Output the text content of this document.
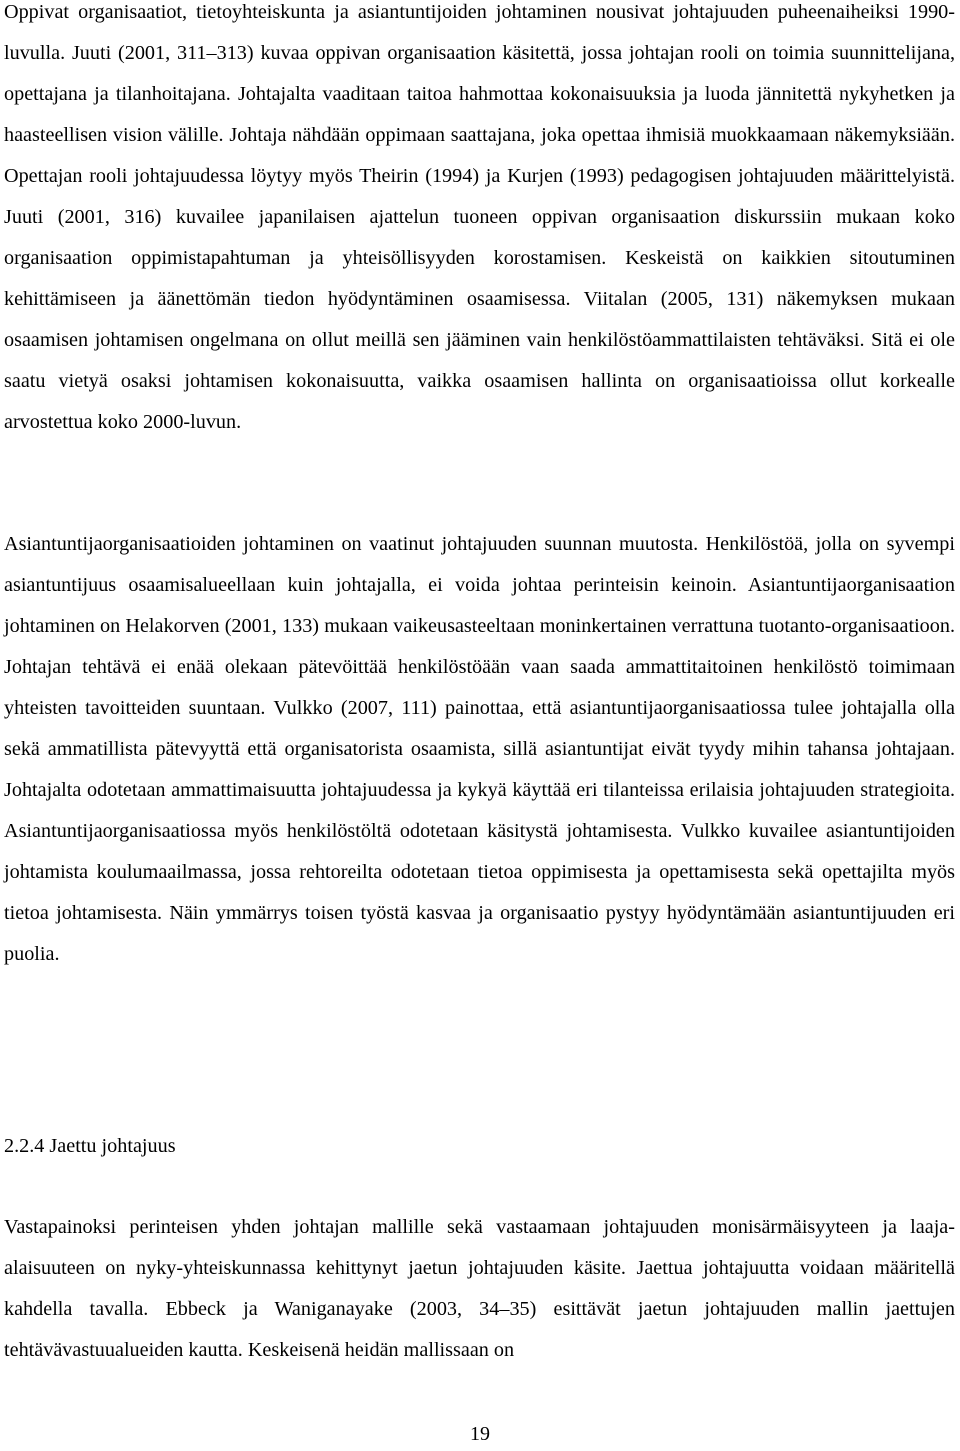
Oppivat organisaatiot, tietoyhteiskunta ja asiantuntijoiden johtaminen nousivat johtajuuden puheenaiheiksi 1990-luvulla. Juuti (2001, 311–313) kuvaa oppivan organisaation käsitettä, jossa johtajan rooli on toimia suunnittelijana, opettajana ja tilanhoitajana. Johtajalta vaaditaan taitoa hahmottaa kokonaisuuksia ja luoda jännitettä nykyhetken ja haasteellisen vision välille. Johtaja nähdään oppimaan saattajana, joka opettaa ihmisiä muokkaamaan näkemyksiään. Opettajan rooli johtajuudessa löytyy myös Theirin (1994) ja Kurjen (1993) pedagogisen johtajuuden määrittelyistä. Juuti (2001, 316) kuvailee japanilaisen ajattelun tuoneen oppivan organisaation diskurssiin mukaan koko organisaation oppimistapahtuman ja yhteisöllisyyden korostamisen. Keskeistä on kaikkien sitoutuminen kehittämiseen ja äänettömän tiedon hyödyntäminen osaamisessa. Viitalan (2005, 131) näkemyksen mukaan osaamisen johtamisen ongelmana on ollut meillä sen jääminen vain henkilöstöammattilaisten tehtäväksi. Sitä ei ole saatu vietyä osaksi johtamisen kokonaisuutta, vaikka osaamisen hallinta on organisaatioissa ollut korkealle arvostettua koko 2000-luvun.

Asiantuntijaorganisaatioiden johtaminen on vaatinut johtajuuden suunnan muutosta. Henkilöstöä, jolla on syvempi asiantuntijuus osaamisalueellaan kuin johtajalla, ei voida johtaa perinteisin keinoin. Asiantuntijaorganisaation johtaminen on Helakorven (2001, 133) mukaan vaikeusasteeltaan moninkertainen verrattuna tuotanto-organisaatioon. Johtajan tehtävä ei enää olekaan pätevöittää henkilöstöään vaan saada ammattitaitoinen henkilöstö toimimaan yhteisten tavoitteiden suuntaan. Vulkko (2007, 111) painottaa, että asiantuntijaorganisaatiossa tulee johtajalla olla sekä ammatillista pätevyyttä että organisatorista osaamista, sillä asiantuntijat eivät tyydy mihin tahansa johtajaan. Johtajalta odotetaan ammattimaisuutta johtajuudessa ja kykyä käyttää eri tilanteissa erilaisia johtajuuden strategioita. Asiantuntijaorganisaatiossa myös henkilöstöltä odotetaan käsitystä johtamisesta. Vulkko kuvailee asiantuntijoiden johtamista koulumaailmassa, jossa rehtoreilta odotetaan tietoa oppimisesta ja opettamisesta sekä opettajilta myös tietoa johtamisesta. Näin ymmärrys toisen työstä kasvaa ja organisaatio pystyy hyödyntämään asiantuntijuuden eri puolia.

2.2.4 Jaettu johtajuus

Vastapainoksi perinteisen yhden johtajan mallille sekä vastaamaan johtajuuden monisärmäisyyteen ja laaja-alaisuuteen on nyky-yhteiskunnassa kehittynyt jaetun johtajuuden käsite. Jaettua johtajuutta voidaan määritellä kahdella tavalla. Ebbeck ja Waniganayake (2003, 34–35) esittävät jaetun johtajuuden mallin jaettujen tehtävävastuualueiden kautta. Keskeisenä heidän mallissaan on

19
